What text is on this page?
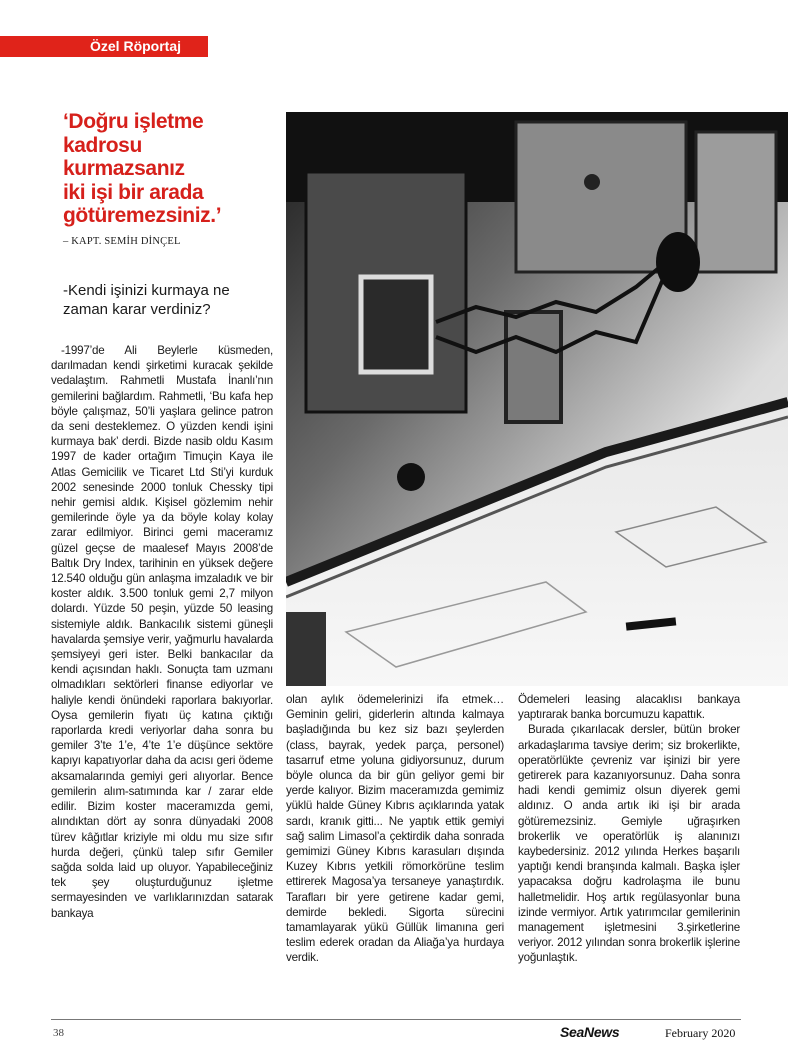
Özel Röportaj
‘Doğru işletme
kadrosu
kurmazsanız
iki işi bir arada
götüremezsiniz.’
– KAPT. SEMİH DİNÇEL
-Kendi işinizi kurmaya ne zaman karar verdiniz?

-1997’de Ali Beylerle küsmeden, darılmadan kendi şirketimi kuracak şekilde vedalaştım. Rahmetli Mustafa İnanlı’nın gemilerini bağlardım. Rahmetli, ‘Bu kafa hep böyle çalışmaz, 50’li yaşlara gelince patron da seni desteklemez. O yüzden kendi işini kurmaya bak’ derdi. Bizde nasib oldu Kasım 1997 de kader ortağım Timuçin Kaya ile Atlas Gemicilik ve Ticaret Ltd Sti’yi kurduk 2002 senesinde 2000 tonluk Chessky tipi nehir gemisi aldık. Kişisel gözlemim nehir gemilerinde öyle ya da böyle kolay kolay zarar edilmiyor. Birinci gemi maceramız güzel geçse de maalesef Mayıs 2008’de Baltık Dry Index, tarihinin en yüksek değere 12.540 olduğu gün anlaşma imzaladık ve bir koster aldık. 3.500 tonluk gemi 2,7 milyon dolardı. Yüzde 50 peşin, yüzde 50 leasing sistemiyle aldık. Bankacılık sistemi güneşli havalarda şemsiye verir, yağmurlu havalarda şemsiyeyi geri ister. Belki bankacılar da kendi açısından haklı. Sonuçta tam uzmanı olmadıkları sektörleri finanse ediyorlar ve haliyle kendi önündeki raporlara bakıyorlar. Oysa gemilerin fiyatı üç katına çıktığı raporlarda kredi veriyorlar daha sonra bu gemiler 3’te 1’e, 4’te 1’e düşünce sektöre kapıyı kapatıyorlar daha da acısı geri ödeme aksamalarında gemiyi geri alıyorlar. Bence gemilerin alım-satımında kar / zarar elde edilir. Bizim koster maceramızda gemi, alındıktan dört ay sonra dünyadaki 2008 türev kâğıtlar kriziyle mi oldu mu size sıfır hurda değeri, çünkü talep sıfır Gemiler sağda solda laid up oluyor. Yapabileceğiniz tek şey oluşturduğunuz işletme sermayesinden ve varlıklarınızdan satarak bankaya

olan aylık ödemelerinizi ifa etmek… Geminin geliri, giderlerin altında kalmaya başladığında bu kez siz bazı şeylerden (class, bayrak, yedek parça, personel) tasarruf etme yoluna gidiyorsunuz, durum böyle olunca da bir gün geliyor gemi bir yerde kalıyor. Bizim maceramızda gemimiz yüklü halde Güney Kıbrıs açıklarında yatak sardı, kranık gitti... Ne yaptık ettik gemiyi sağ salim Limasol’a çektirdik daha sonrada gemimizi Güney Kıbrıs karasuları dışında Kuzey Kıbrıs yetkili römorkörüne teslim ettirerek Magosa’ya tersaneye yanaştırdık. Tarafları bir yere getirene kadar gemi, demirde bekledi. Sigorta sürecini tamamlayarak yükü Güllük limanına geri teslim ederek oradan da Aliağa’ya hurdaya verdik.

Ödemeleri leasing alacaklısı bankaya yaptırarak banka borcumuzu kapattık.

Burada çıkarılacak dersler, bütün broker arkadaşlarıma tavsiye derim; siz brokerlikte, operatörlükte çevreniz var işinizi bir yere getirerek para kazanıyorsunuz. Daha sonra hadi kendi gemimiz olsun diyerek gemi aldınız. O anda artık iki işi bir arada götüremezsiniz. Gemiyle uğraşırken brokerlik ve operatörlük iş alanınızı kaybedersiniz. 2012 yılında Herkes başarılı yaptığı kendi branşında kalmalı. Başka işler yapacaksa doğru kadrolaşma ile bunu halletmelidir. Hoş artık regülasyonlar buna izinde vermiyor. Artık yatırımcılar gemilerinin management işletmesini 3.şirketlerine veriyor. 2012 yılından sonra brokerlik işlerine yoğunlaştık.

38	SeaNews	February 2020
